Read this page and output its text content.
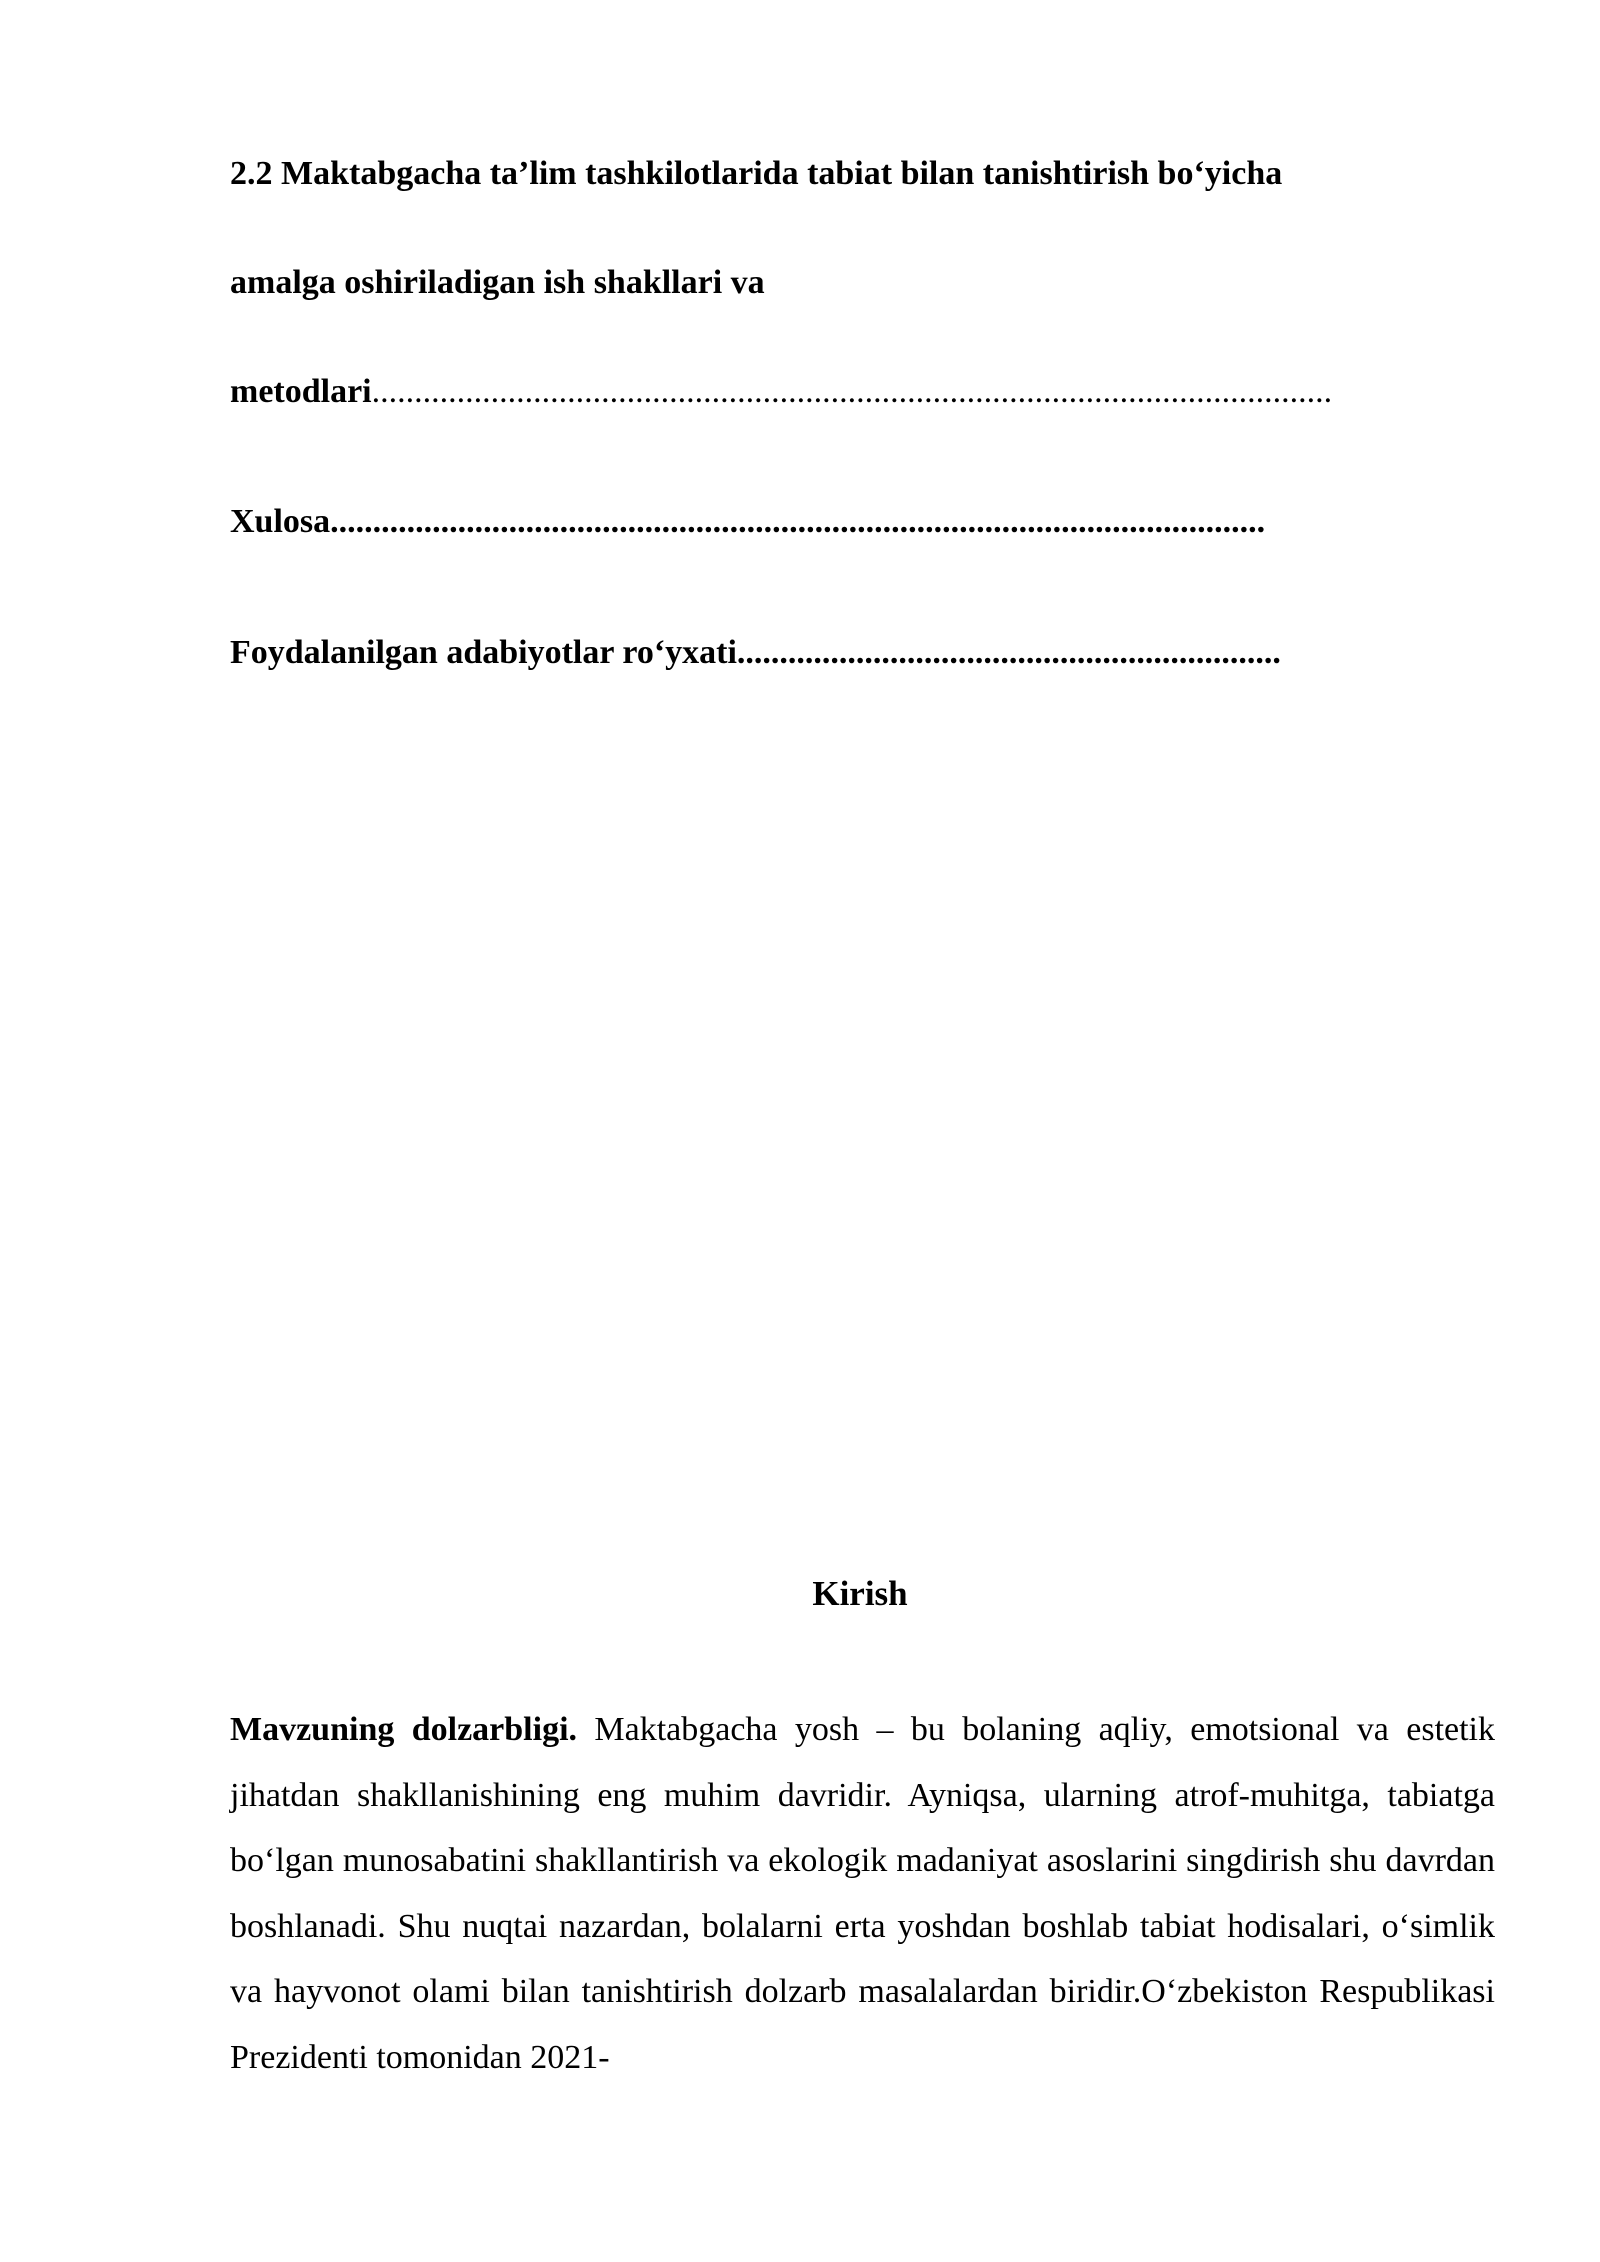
2.2 Maktabgacha ta’lim tashkilotlarida tabiat bilan tanishtirish bo‘yicha
amalga oshiriladigan ish shakllari va
metodlari.................................................................................................................
Xulosa..............................................................................................................
Foydalanilgan adabiyotlar ro‘yxati................................................................
Kirish
Mavzuning dolzarbligi. Maktabgacha yosh – bu bolaning aqliy, emotsional va estetik jihatdan shakllanishining eng muhim davridir. Ayniqsa, ularning atrof-muhitga, tabiatga bo‘lgan munosabatini shakllantirish va ekologik madaniyat asoslarini singdirish shu davrdan boshlanadi. Shu nuqtai nazardan, bolalarni erta yoshdan boshlab tabiat hodisalari, o‘simlik va hayvonot olami bilan tanishtirish dolzarb masalalardan biridir.O‘zbekiston Respublikasi Prezidenti tomonidan 2021-
